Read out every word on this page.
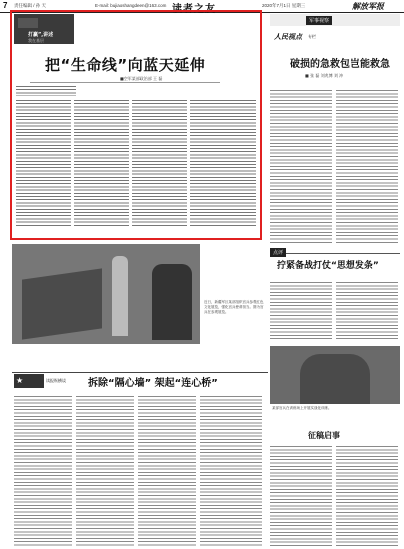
7 责任编辑 / 孙 天	E-mail: bujiaoshangdeen@163.com 读者之友	2020年7月1日 星期三	解放军报
打赢”,讲述
我在基层
把“生命线”向蓝天延伸
■空军某部政治部 王 磊
军事视察
人民视点 专栏
破损的急救包岂能救急
■ 张 磊 刘兆博 刘 冲
点评
拧紧备战打仗“思想发条”
某部官兵在训练场上开展实战化训练。
征稿启事
近日，新疆军区某部组织官兵参观红色文化展览，强化官兵使命担当。图为官兵在参观展览。
★	读报纵横谈 拆除“隔心墙” 架起“连心桥”
